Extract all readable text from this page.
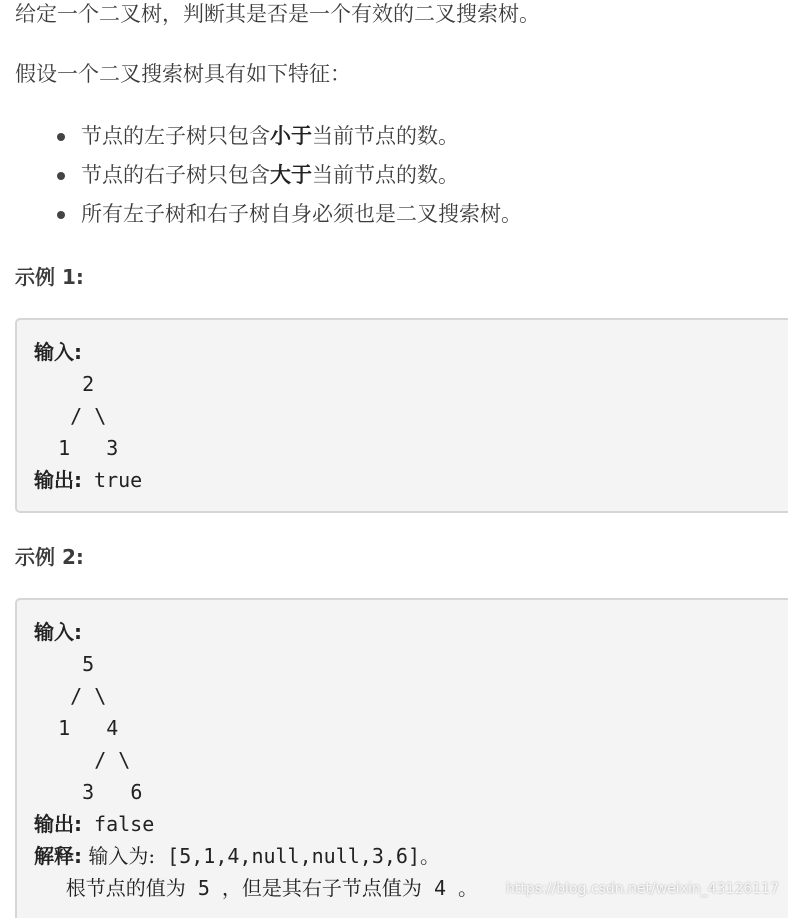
给定一个二叉树，判断其是否是一个有效的二叉搜索树。
假设一个二叉搜索树具有如下特征：
节点的左子树只包含小于当前节点的数。
节点的右子树只包含大于当前节点的数。
所有左子树和右子树自身必须也是二叉搜索树。
示例 1:
输入:
2
/ \
1   3
输出: true
示例 2:
输入:
5
/ \
1   4
/ \
3   6
输出: false
解释: 输入为: [5,1,4,null,null,3,6]。
根节点的值为 5 ，但是其右子节点值为 4 。 https://blog.csdn.net/weixin_43126117
